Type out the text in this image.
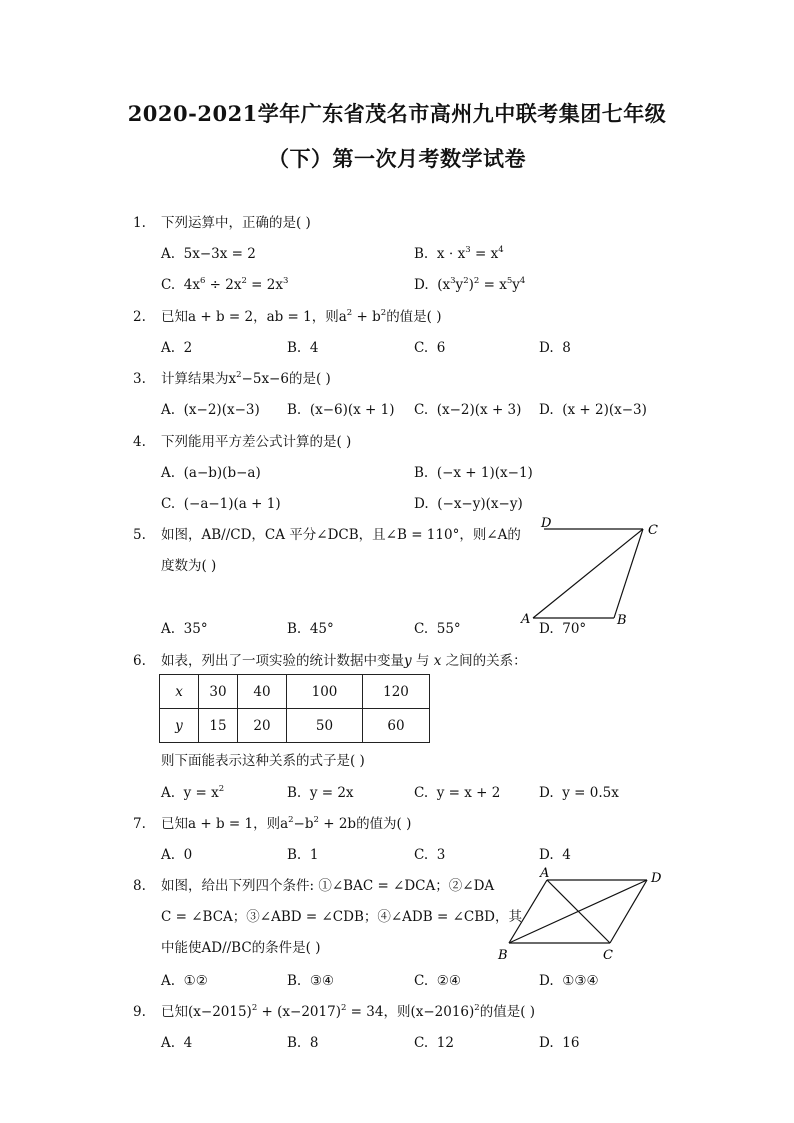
2020-2021学年广东省茂名市高州九中联考集团七年级
（下）第一次月考数学试卷
1. 下列运算中，正确的是( )
A. 5x−3x = 2	B. $x \cdot x^3 = x^4$
C. $4x^6 \div 2x^2 = 2x^3$	D. $(x^3y^2)^2 = x^5y^4$
2. 已知a + b = 2，ab = 1，则$a^2 + b^2$的值是( )
A. 2	B. 4	C. 6	D. 8
3. 计算结果为$x^2-5x-6$的是( )
A. (x−2)(x−3) B. (x−6)(x + 1) C. (x−2)(x + 3) D. (x + 2)(x−3)
4. 下列能用平方差公式计算的是( )
A. (a−b)(b−a)	B. (−x + 1)(x−1)
C. (−a−1)(a + 1)	D. (−x−y)(x−y)
5. 如图，AB//CD，CA 平分∠DCB，且∠B = 110°，则∠A的
度数为( )
A. 35°	B. 45°	C. 55°	D. 70°
D	C
A	B
6. 如表，列出了一项实验的统计数据中变量y 与 x 之间的关系：
x	30	40	100	120
y	15	20	50	60
则下面能表示这种关系的式子是( )
A. $y = x^2$	B. y = 2x	C. y = x + 2	D. y = 0.5x
7. 已知a + b = 1，则$a^2-b^2 + 2b$的值为( )
A. 0	B. 1	C. 3	D. 4
8. 如图，给出下列四个条件: ①∠BAC = ∠DCA；②∠DA
C = ∠BCA；③∠ABD = ∠CDB；④∠ADB = ∠CBD，其
中能使AD//BC的条件是( )
A. ①②	B. ③④	C. ②④	D. ①③④
A	D
B	C
9. 已知$(x-2015)^2 + (x-2017)^2 = 34$，则$(x-2016)^2$的值是( )
A. 4	B. 8	C. 12	D. 16
